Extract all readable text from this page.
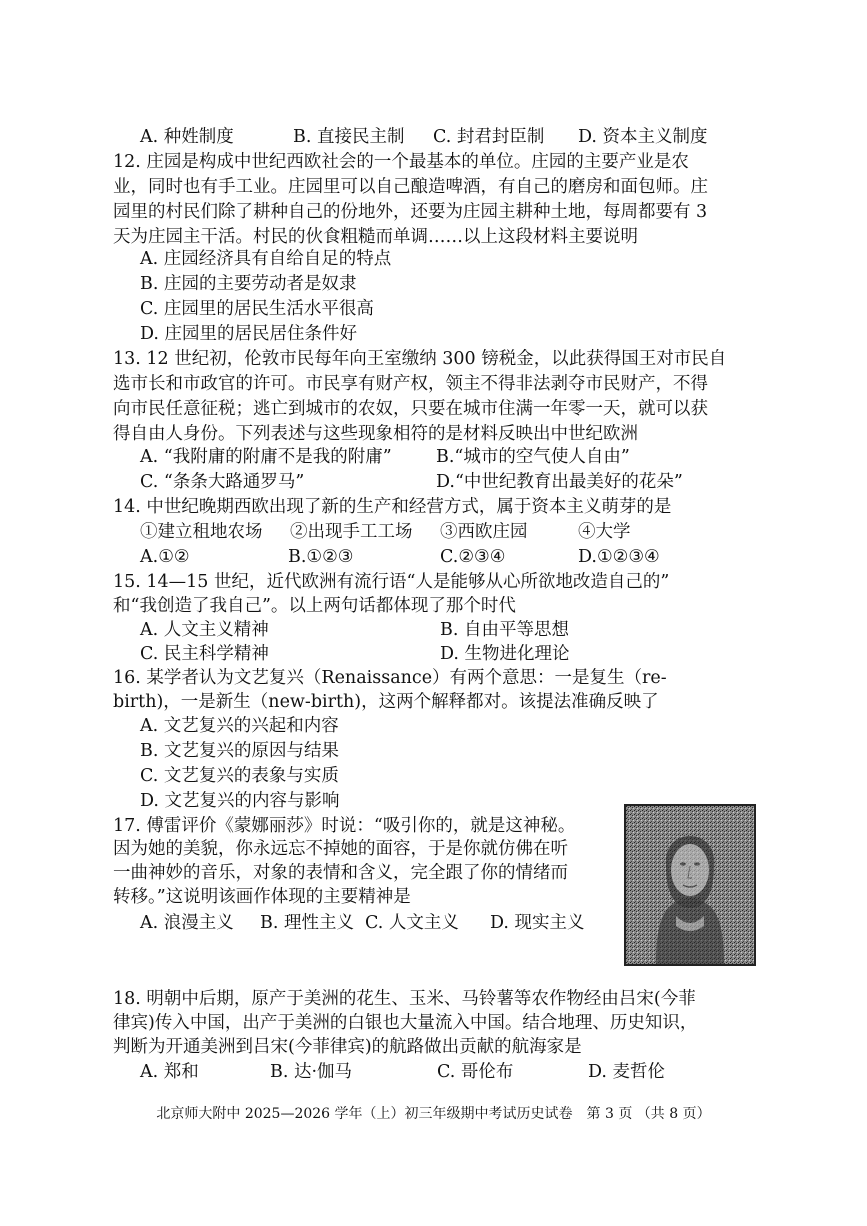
A. 种姓制度	B. 直接民主制 C. 封君封臣制 D. 资本主义制度
12. 庄园是构成中世纪西欧社会的一个最基本的单位。庄园的主要产业是农
业，同时也有手工业。庄园里可以自己酿造啤酒，有自己的磨房和面包师。庄
园里的村民们除了耕种自己的份地外，还要为庄园主耕种土地，每周都要有 3
天为庄园主干活。村民的伙食粗糙而单调……以上这段材料主要说明
A. 庄园经济具有自给自足的特点
B. 庄园的主要劳动者是奴隶
C. 庄园里的居民生活水平很高
D. 庄园里的居民居住条件好
13. 12 世纪初，伦敦市民每年向王室缴纳 300 镑税金，以此获得国王对市民自
选市长和市政官的许可。市民享有财产权，领主不得非法剥夺市民财产，不得
向市民任意征税；逃亡到城市的农奴，只要在城市住满一年零一天，就可以获
得自由人身份。下列表述与这些现象相符的是材料反映出中世纪欧洲
A. “我附庸的附庸不是我的附庸”	B.“城市的空气使人自由”
C. “条条大路通罗马”	D.“中世纪教育出最美好的花朵”
14. 中世纪晚期西欧出现了新的生产和经营方式，属于资本主义萌芽的是
①建立租地农场 ②出现手工工场 ③西欧庄园	④大学
A.①②	B.①②③	C.②③④	D.①②③④
15. 14—15 世纪，近代欧洲有流行语“人是能够从心所欲地改造自己的”
和“我创造了我自己”。以上两句话都体现了那个时代
A. 人文主义精神	B. 自由平等思想
C. 民主科学精神	D. 生物进化理论
16. 某学者认为文艺复兴（Renaissance）有两个意思：一是复生（re-
birth)，一是新生（new-birth)，这两个解释都对。该提法准确反映了
A. 文艺复兴的兴起和内容
B. 文艺复兴的原因与结果
C. 文艺复兴的表象与实质
D. 文艺复兴的内容与影响
17. 傅雷评价《蒙娜丽莎》时说：“吸引你的，就是这神秘。
因为她的美貌，你永远忘不掉她的面容，于是你就仿佛在听
一曲神妙的音乐，对象的表情和含义，完全跟了你的情绪而
转移。”这说明该画作体现的主要精神是
A. 浪漫主义 B. 理性主义 C. 人文主义 D. 现实主义
18. 明朝中后期，原产于美洲的花生、玉米、马铃薯等农作物经由吕宋(今菲
律宾)传入中国，出产于美洲的白银也大量流入中国。结合地理、历史知识，
判断为开通美洲到吕宋(今菲律宾)的航路做出贡献的航海家是
A. 郑和	B. 达·伽马	C. 哥伦布	D. 麦哲伦
北京师大附中 2025—2026 学年（上）初三年级期中考试历史试卷　第 3 页 （共 8 页）
